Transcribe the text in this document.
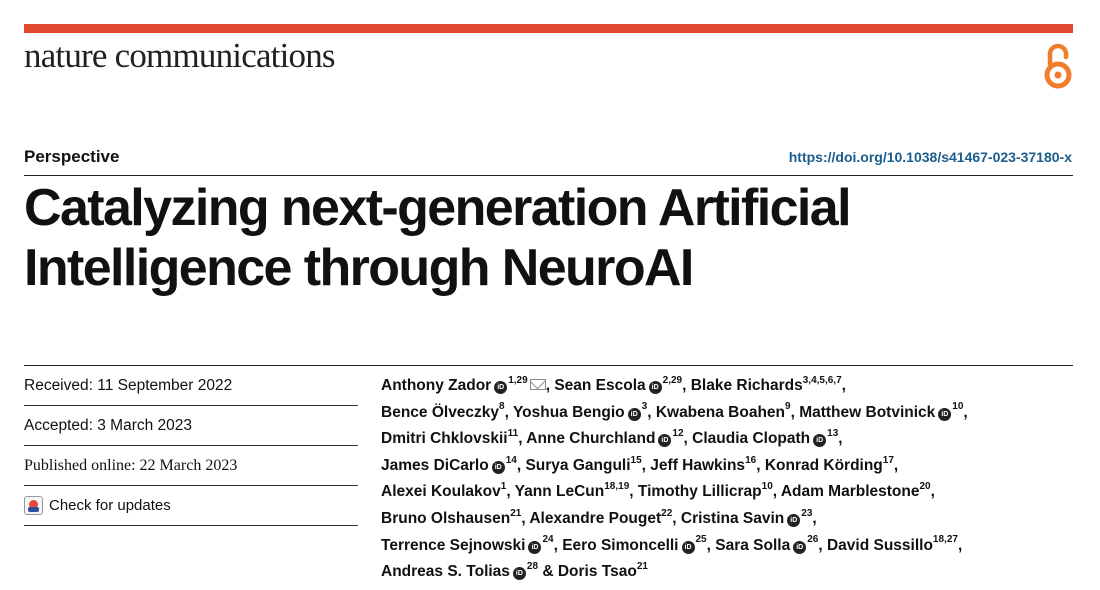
nature communications
Perspective	https://doi.org/10.1038/s41467-023-37180-x
Catalyzing next-generation Artificial Intelligence through NeuroAI
Received: 11 September 2022
Accepted: 3 March 2023
Published online: 22 March 2023
Check for updates
Anthony Zador iD$^{1,29}$ , Sean Escola iD$^{2,29}$, Blake Richards$^{3,4,5,6,7}$,
Bence Ölveczky$^8$, Yoshua Bengio $iD^3$, Kwabena Boahen$^9$, Matthew Botvinick $iD^{10}$,
Dmitri Chklovskii$^{11}$, Anne Churchland $iD^{12}$, Claudia Clopath $iD^{13}$,
James DiCarlo $iD^{14}$, Surya Ganguli$^{15}$, Jeff Hawkins$^{16}$, Konrad Körding$^{17}$,
Alexei Koulakov$^1$, Yann LeCun$^{18,19}$, Timothy Lillicrap$^{10}$, Adam Marblestone$^{20}$,
Bruno Olshausen$^{21}$, Alexandre Pouget$^{22}$, Cristina Savin $iD^{23}$,
Terrence Sejnowski $iD^{24}$, Eero Simoncelli $iD^{25}$, Sara Solla $iD^{26}$, David Sussillo$^{18,27}$,
Andreas S. Tolias $iD^{28}$ & Doris Tsao$^{21}$
